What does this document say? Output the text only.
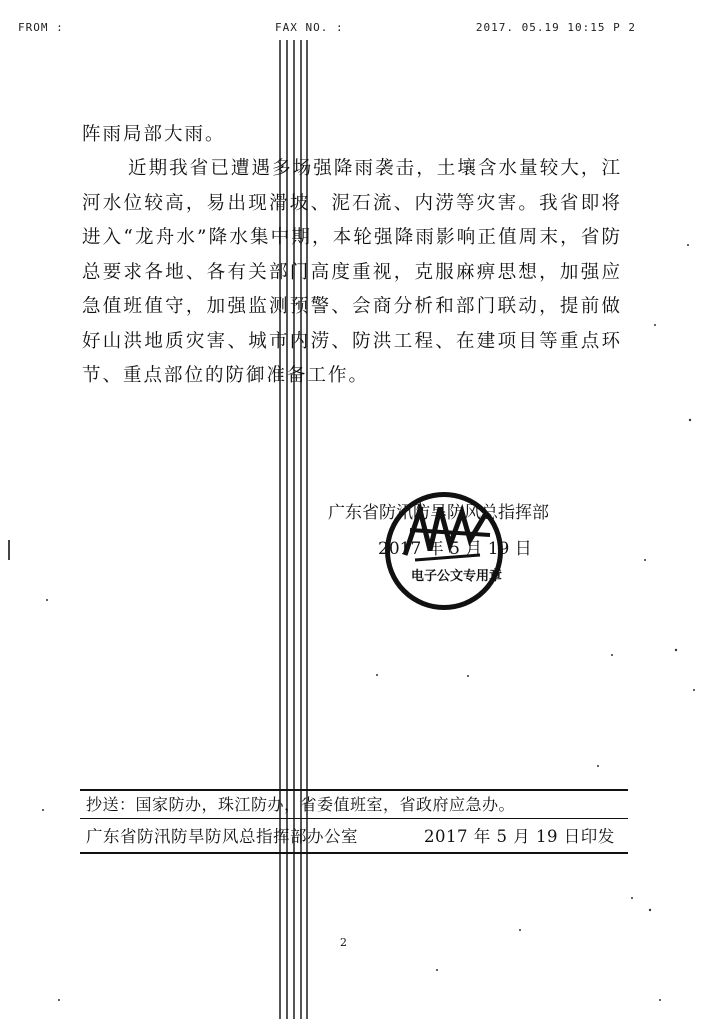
FROM :	FAX NO. :	2017. 05.19 10:15 P 2
阵雨局部大雨。
近期我省已遭遇多场强降雨袭击，土壤含水量较大，江河水位较高，易出现滑坡、泥石流、内涝等灾害。我省即将进入“龙舟水”降水集中期，本轮强降雨影响正值周末，省防总要求各地、各有关部门高度重视，克服麻痹思想，加强应急值班值守，加强监测预警、会商分析和部门联动，提前做好山洪地质灾害、城市内涝、防洪工程、在建项目等重点环节、重点部位的防御准备工作。
广东省防汛防旱防风总指挥部
2017 年 5 月 19 日
电子公文专用章
抄送：国家防办，珠江防办，省委值班室，省政府应急办。
广东省防汛防旱防风总指挥部办公室	2017 年 5 月 19 日印发
2
